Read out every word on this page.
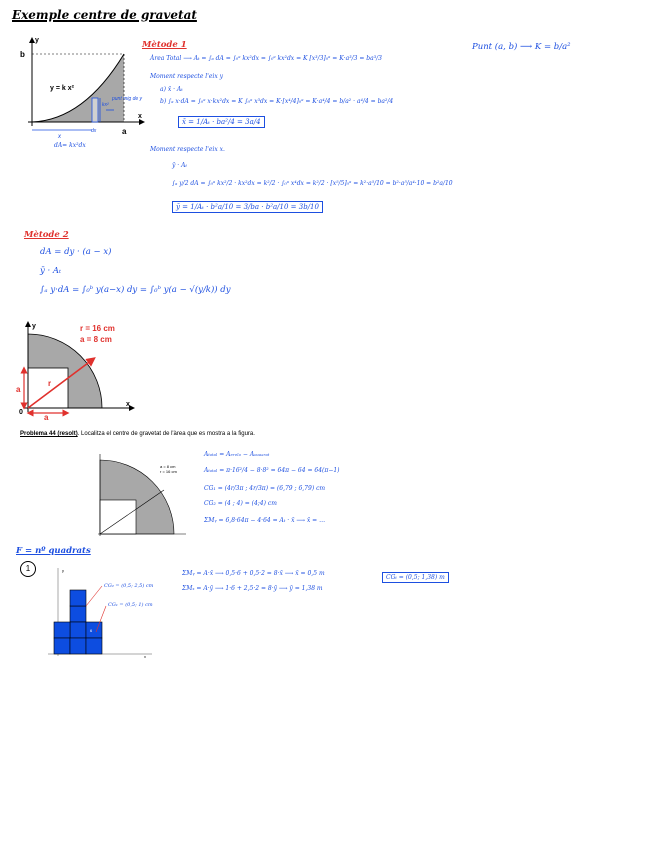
Exemple centre de gravetat
y
x
b
a
y = k x²
x
dx
kx²
punt mig de y
dA= kx²dx
Punt (a, b) ⟶ K = b/a²
Mètode 1
Àrea Total ⟶ Aₜ = ∫ₐ dA = ∫₀ᵃ kx²dx = ∫₀ᵃ kx²dx = K [x³/3]₀ᵃ = K·a³/3 = ba³/3
Moment respecte l'eix y
a) x̄ · Aₜ
b) ∫ₐ x·dA = ∫₀ᵃ x·kx²dx = K ∫₀ᵃ x³dx = K·[x⁴/4]₀ᵃ = K·a⁴/4 = b/a² · a⁴/4 = ba²/4
x̄ = 1/Aₜ · ba²/4 = 3a/4
Moment respecte l'eix x.
ȳ · Aₜ
∫ₐ y/2 dA = ∫₀ᵃ kx²/2 · kx²dx = k²/2 · ∫₀ᵃ x⁴dx = k²/2 · [x⁵/5]₀ᵃ = k²·a⁵/10 = b²·a⁵/a⁴·10 = b²a/10
ȳ = 1/Aₜ · b²a/10 = 3/ba · b²a/10 = 3b/10
Mètode 2
dA = dy · (a − x)
ȳ · Aₜ
∫ₐ y·dA = ∫₀ᵇ y(a−x) dy = ∫₀ᵇ y(a − √(y/k)) dy
y
x
0
a
a
r
r = 16 cm
a = 8 cm
Problema 44 (resolt). Localitza el centre de gravetat de l'àrea que es mostra a la figura.
a = 8 cm
r = 16 cm
Aₜₒₜₐₗ = Aₑᵣₑₗₒ − Aₒᵤₐₔᵣₐₜ
Aₜₒₜₐₗ = π·16²/4 − 8·8² = 64π − 64 = 64(π−1)
CG₁ = (4r/3π ; 4r/3π) = (6,79 ; 6,79) cm
CG₂ = (4 ; 4) = (4;4) cm
ΣMᵧ = 6,8·64π − 4·64 = Aₜ · x̄ ⟶ x̄ = …
F = nº quadrats
1	y
x
2
6
CG₂ = (0,5; 2,5) cm
CG₁ = (0,5; 1) cm
ΣMᵧ = A·x̄ ⟶ 0,5·6 + 0,5·2 = 8·x̄ ⟶ x̄ = 0,5 m
ΣMₓ = A·ȳ ⟶ 1·6 + 2,5·2 = 8·ȳ ⟶ ȳ = 1,38 m
CGₜ = (0,5; 1,38) m
